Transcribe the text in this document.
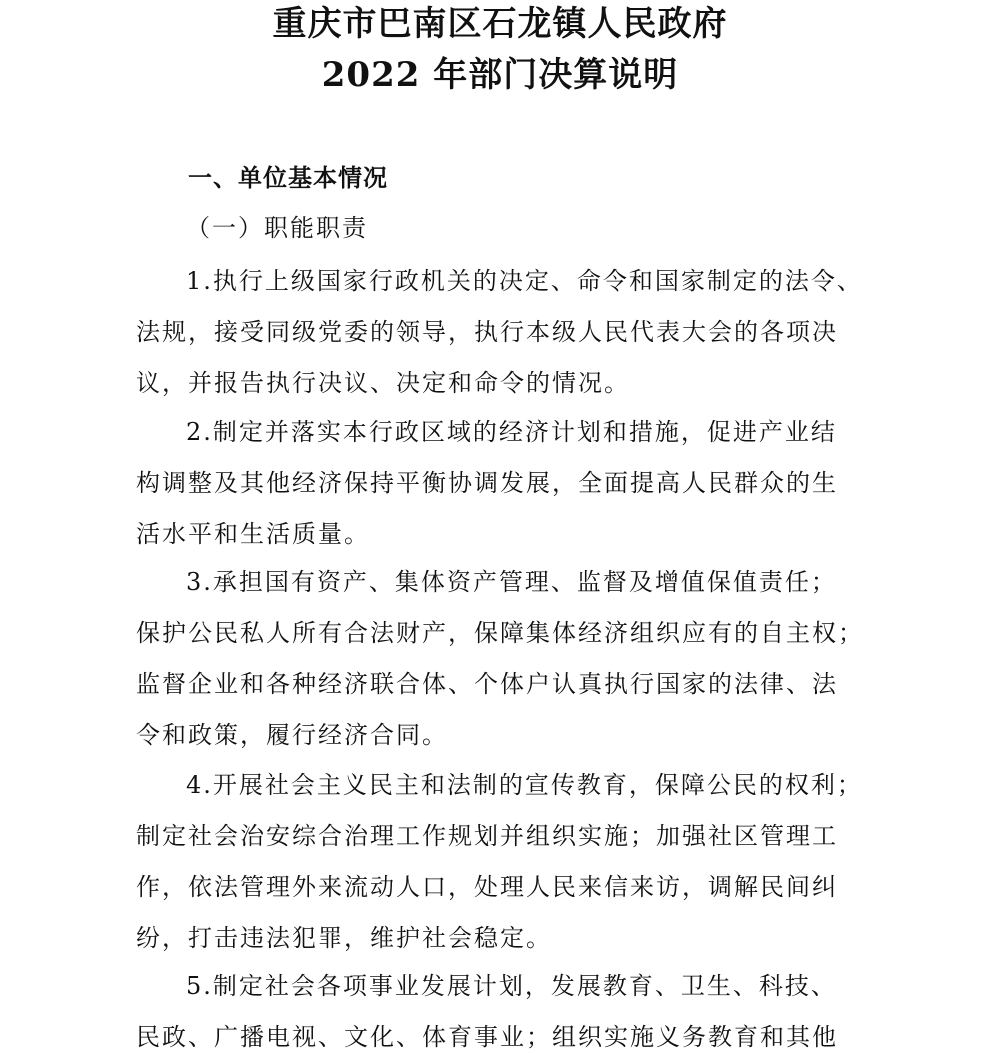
重庆市巴南区石龙镇人民政府
2022 年部门决算说明
一、单位基本情况
（一）职能职责
1.执行上级国家行政机关的决定、命令和国家制定的法令、
法规，接受同级党委的领导，执行本级人民代表大会的各项决
议，并报告执行决议、决定和命令的情况。
2.制定并落实本行政区域的经济计划和措施，促进产业结
构调整及其他经济保持平衡协调发展，全面提高人民群众的生
活水平和生活质量。
3.承担国有资产、集体资产管理、监督及增值保值责任；
保护公民私人所有合法财产，保障集体经济组织应有的自主权；
监督企业和各种经济联合体、个体户认真执行国家的法律、法
令和政策，履行经济合同。
4.开展社会主义民主和法制的宣传教育，保障公民的权利；
制定社会治安综合治理工作规划并组织实施；加强社区管理工
作，依法管理外来流动人口，处理人民来信来访，调解民间纠
纷，打击违法犯罪，维护社会稳定。
5.制定社会各项事业发展计划，发展教育、卫生、科技、
民政、广播电视、文化、体育事业；组织实施义务教育和其他
